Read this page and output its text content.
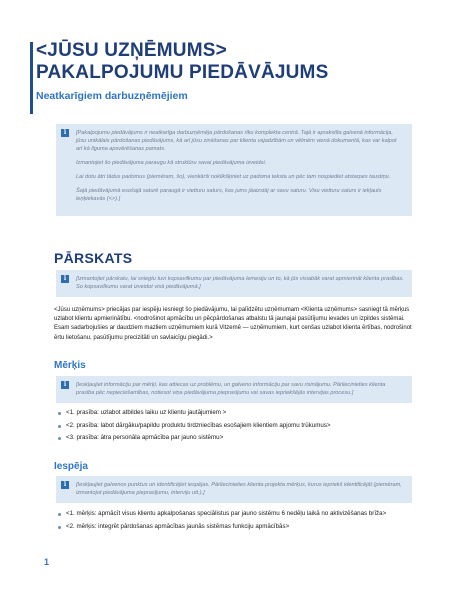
<JŪSU UZŅĒMUMS>
PAKALPOJUMU PIEDĀVĀJUMS
Neatkarīgiem darbuzņēmējiem
i	[Pakalpojumu piedāvājums ir neatkarīga darbuzņēmēja pārdošanas rīku komplekta centrā. Tajā ir aprakstīta galvenā informācija, jūsu unikālais pārdošanas piedāvājums, kā arī jūsu zināšanas par klienta vajadzībām un vēlmēm vienā dokumentā, kas var kalpot arī kā līguma apsvērēšanas pamats.

Izmantojiet šo piedāvājuma paraugu kā struktūru savai piedāvājuma izveidei.

Lai dotu ātri tādus padomus (piemēram, šo), vienkārši noklikšķiniet uz padoma teksta un pēc tam nospiediet atstarpes taustiņu.

Šajā piedāvājumā esošajā saturē paraugā ir vietturu saturs, kas jums jāaizstāj ar savu saturu. Visu vietturu saturs ir iekļauts leņķiekavās (<>).]

PĀRSKATS
i	[Izmantojiet pārskatu, lai sniegtu tuvi kopsavilkumu par piedāvājuma lemesiju un to, kā jūs visiabāk varat apmierināt klienta prasības. So kopsavilkumu varat izveidot visā piedāvājumā.]

<Jūsu uzņēmums> priecājas par iespēju iesniegt šo piedāvājumu, lai palīdzētu uzņēmumam <Klienta uzņēmums> sasniegt tā mērķus uzlabot klientu apmierinātību. <nodrošinot apmācību un pēcpārdošanas atbalstu tā jaunajai pasūtījumu ievades un izpildes sistēmai. Esam sadarbojušies ar daudziem mazliem uzņēmumiem kurā Vitzemē — uzņēmumiem, kurt cenšas uzlabot klienta ērtības, nodrošinot ērtu lietošanu, pasūtījumu precizitāti un savlaicīgu piegādi.>
Mērķis
i	[Ieskļaujiet informāciju par mērķi, kas attiecas uz problēmu, un galveno informāciju par savu risinājumu. Pārliecinieties klienta prasība pēc nepieciešamības, notiesot viņa piedāvājuma pieprasījumu vai savas iepriekšējās intervijas procesu.]

<1. prasība: uzlabot atbildes laiku uz klientu jautājumiem >
<2. prasība: labot dārgāku/papildu produktu tirdzniecības esošajiem klientiem apjomu trūkumus>
<3. prasība: ātra personāla apmācība par jauno sistēmu>
Iespēja
i	[Ieskļaujiet galvenos punktus un identificējiet iespējas. Pārliecinieties klienta projekta mērķus, kurus iepriekš identificējāt (piemēram, izmantojot piedāvājuma pieprasījumu, interviju utt.).]

<1. mērķis: apmācīt visus klientu apkalpošanas speciālistus par jauno sistēmu 6 nedēļu laikā no aktivizēšanas brīža>
<2. mērķis: integrēt pārdošanas apmācības jaunās sistēmas funkciju apmācībās>
1
